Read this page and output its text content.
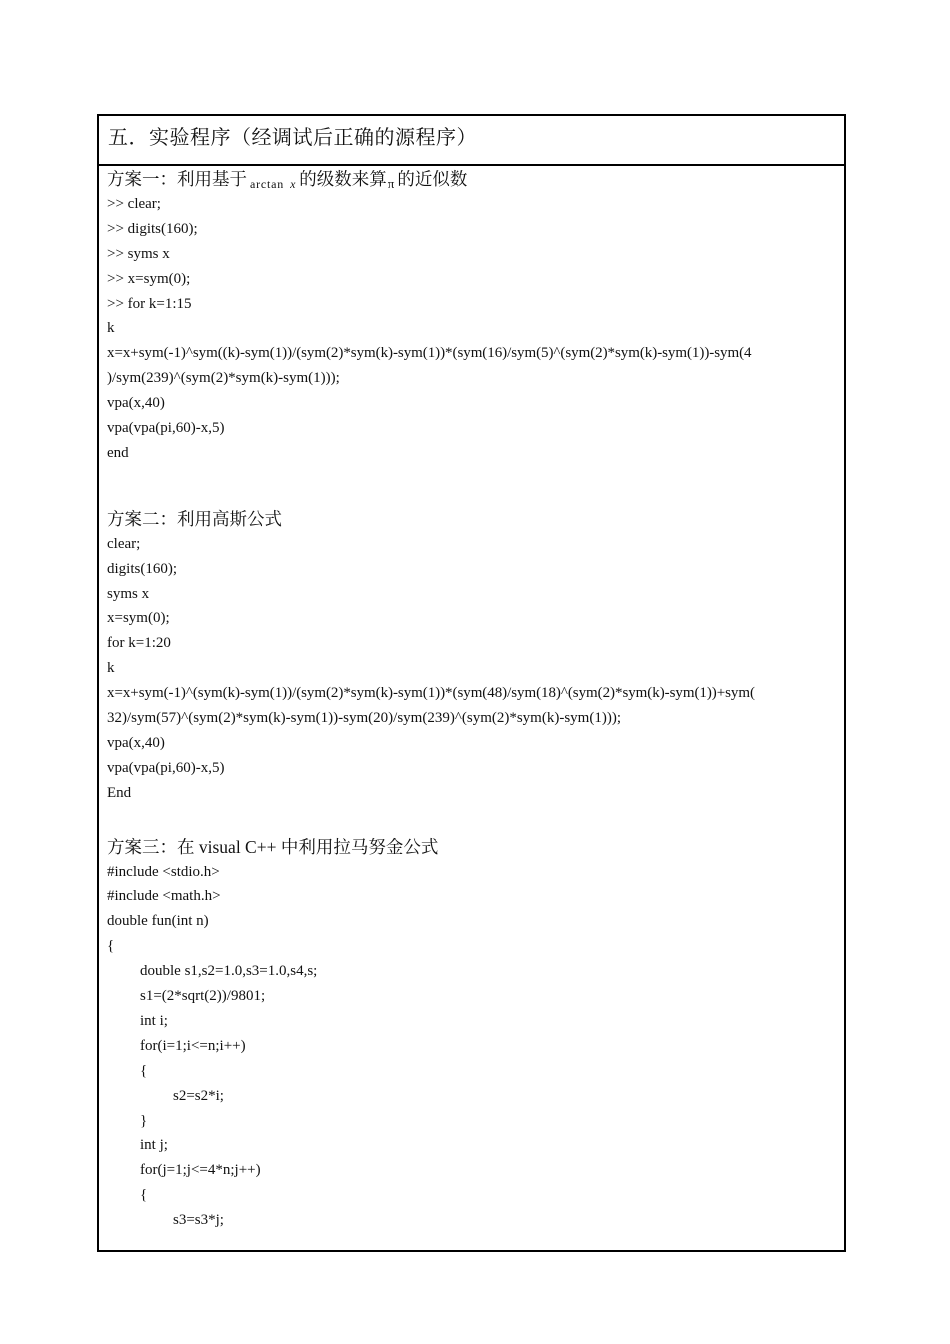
五．实验程序（经调试后正确的源程序）
方案一：利用基于 arctan x 的级数来算π 的近似数
>> clear;
>> digits(160);
>> syms x
>> x=sym(0);
>> for k=1:15
k
x=x+sym(-1)^sym((k)-sym(1))/(sym(2)*sym(k)-sym(1))*(sym(16)/sym(5)^(sym(2)*sym(k)-sym(1))-sym(4
)/sym(239)^(sym(2)*sym(k)-sym(1)));
vpa(x,40)
vpa(vpa(pi,60)-x,5)
end
方案二：利用高斯公式
clear;
digits(160);
syms x
x=sym(0);
for k=1:20
k
x=x+sym(-1)^(sym(k)-sym(1))/(sym(2)*sym(k)-sym(1))*(sym(48)/sym(18)^(sym(2)*sym(k)-sym(1))+sym(
32)/sym(57)^(sym(2)*sym(k)-sym(1))-sym(20)/sym(239)^(sym(2)*sym(k)-sym(1)));
vpa(x,40)
vpa(vpa(pi,60)-x,5)
End
方案三：在 visual C++ 中利用拉马努金公式
#include <stdio.h>
#include <math.h>
double fun(int n)
{
double s1,s2=1.0,s3=1.0,s4,s;
s1=(2*sqrt(2))/9801;
int i;
for(i=1;i<=n;i++)
{
s2=s2*i;
}
int j;
for(j=1;j<=4*n;j++)
{
s3=s3*j;
